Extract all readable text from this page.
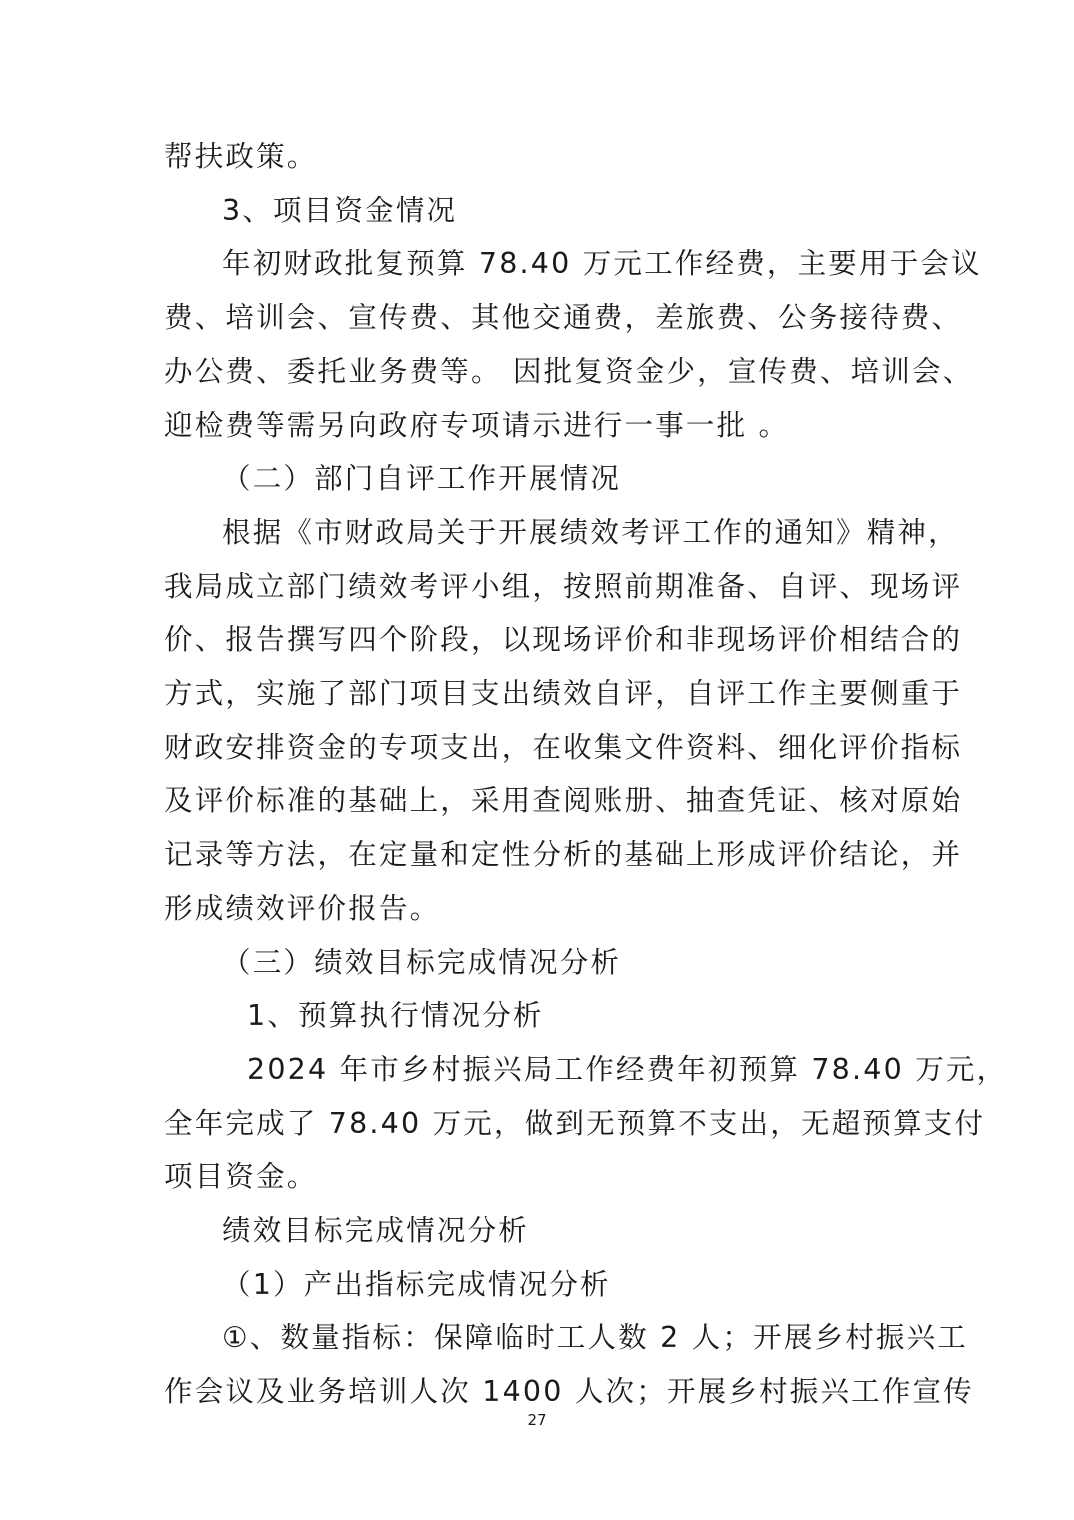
帮扶政策。
3、项目资金情况
年初财政批复预算 78.40 万元工作经费，主要用于会议
费、培训会、宣传费、其他交通费，差旅费、公务接待费、
办公费、委托业务费等。 因批复资金少，宣传费、培训会、
迎检费等需另向政府专项请示进行一事一批 。
（二）部门自评工作开展情况
根据《市财政局关于开展绩效考评工作的通知》精神，
我局成立部门绩效考评小组，按照前期准备、自评、现场评
价、报告撰写四个阶段，以现场评价和非现场评价相结合的
方式，实施了部门项目支出绩效自评，自评工作主要侧重于
财政安排资金的专项支出，在收集文件资料、细化评价指标
及评价标准的基础上，采用查阅账册、抽查凭证、核对原始
记录等方法，在定量和定性分析的基础上形成评价结论，并
形成绩效评价报告。
（三）绩效目标完成情况分析
1、预算执行情况分析
2024 年市乡村振兴局工作经费年初预算 78.40 万元，
全年完成了 78.40 万元，做到无预算不支出，无超预算支付
项目资金。
绩效目标完成情况分析
（1）产出指标完成情况分析
①、数量指标：保障临时工人数 2 人；开展乡村振兴工
作会议及业务培训人次 1400 人次；开展乡村振兴工作宣传
27
